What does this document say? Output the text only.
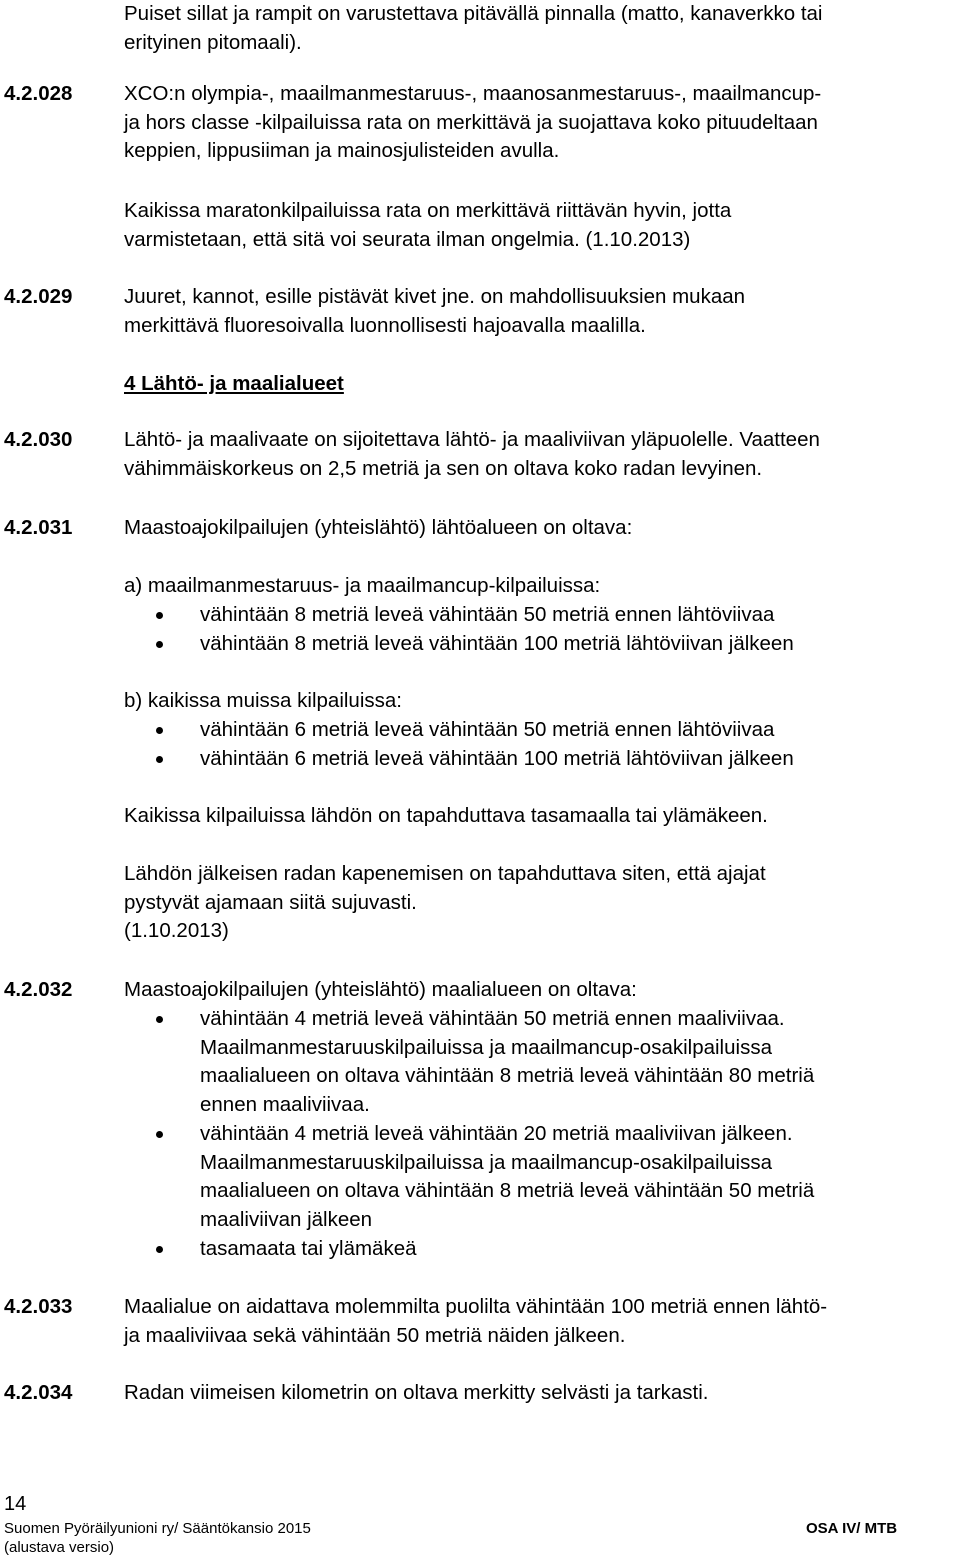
Puiset sillat ja rampit on varustettava pitävällä pinnalla (matto, kanaverkko tai
erityinen pitomaali).
4.2.028	XCO:n olympia-, maailmanmestaruus-, maanosanmestaruus-, maailmancup-
ja hors classe -kilpailuissa rata on merkittävä ja suojattava koko pituudeltaan
keppien, lippusiiman ja mainosjulisteiden avulla.
Kaikissa maratonkilpailuissa rata on merkittävä riittävän hyvin, jotta
varmistetaan, että sitä voi seurata ilman ongelmia. (1.10.2013)
4.2.029	Juuret, kannot, esille pistävät kivet jne. on mahdollisuuksien mukaan
merkittävä fluoresoivalla luonnollisesti hajoavalla maalilla.
4 Lähtö- ja maalialueet
4.2.030	Lähtö- ja maalivaate on sijoitettava lähtö- ja maaliviivan yläpuolelle. Vaatteen
vähimmäiskorkeus on 2,5 metriä ja sen on oltava koko radan levyinen.
4.2.031	Maastoajokilpailujen (yhteislähtö) lähtöalueen on oltava:
a) maailmanmestaruus- ja maailmancup-kilpailuissa:
vähintään 8 metriä leveä vähintään 50 metriä ennen lähtöviivaa
vähintään 8 metriä leveä vähintään 100 metriä lähtöviivan jälkeen
b) kaikissa muissa kilpailuissa:
vähintään 6 metriä leveä vähintään 50 metriä ennen lähtöviivaa
vähintään 6 metriä leveä vähintään 100 metriä lähtöviivan jälkeen
Kaikissa kilpailuissa lähdön on tapahduttava tasamaalla tai ylämäkeen.
Lähdön jälkeisen radan kapenemisen on tapahduttava siten, että ajajat
pystyvät ajamaan siitä sujuvasti.
(1.10.2013)
4.2.032	Maastoajokilpailujen (yhteislähtö) maalialueen on oltava:
vähintään 4 metriä leveä vähintään 50 metriä ennen maaliviivaa.
Maailmanmestaruuskilpailuissa ja maailmancup-osakilpailuissa
maalialueen on oltava vähintään 8 metriä leveä vähintään 80 metriä
ennen maaliviivaa.
vähintään 4 metriä leveä vähintään 20 metriä maaliviivan jälkeen.
Maailmanmestaruuskilpailuissa ja maailmancup-osakilpailuissa
maalialueen on oltava vähintään 8 metriä leveä vähintään 50 metriä
maaliviivan jälkeen
tasamaata tai ylämäkeä
4.2.033	Maalialue on aidattava molemmilta puolilta vähintään 100 metriä ennen lähtö-
ja maaliviivaa sekä vähintään 50 metriä näiden jälkeen.
4.2.034	Radan viimeisen kilometrin on oltava merkitty selvästi ja tarkasti.
14
Suomen Pyöräilyunioni ry/ Sääntökansio 2015
(alustava versio)
OSA IV/ MTB
